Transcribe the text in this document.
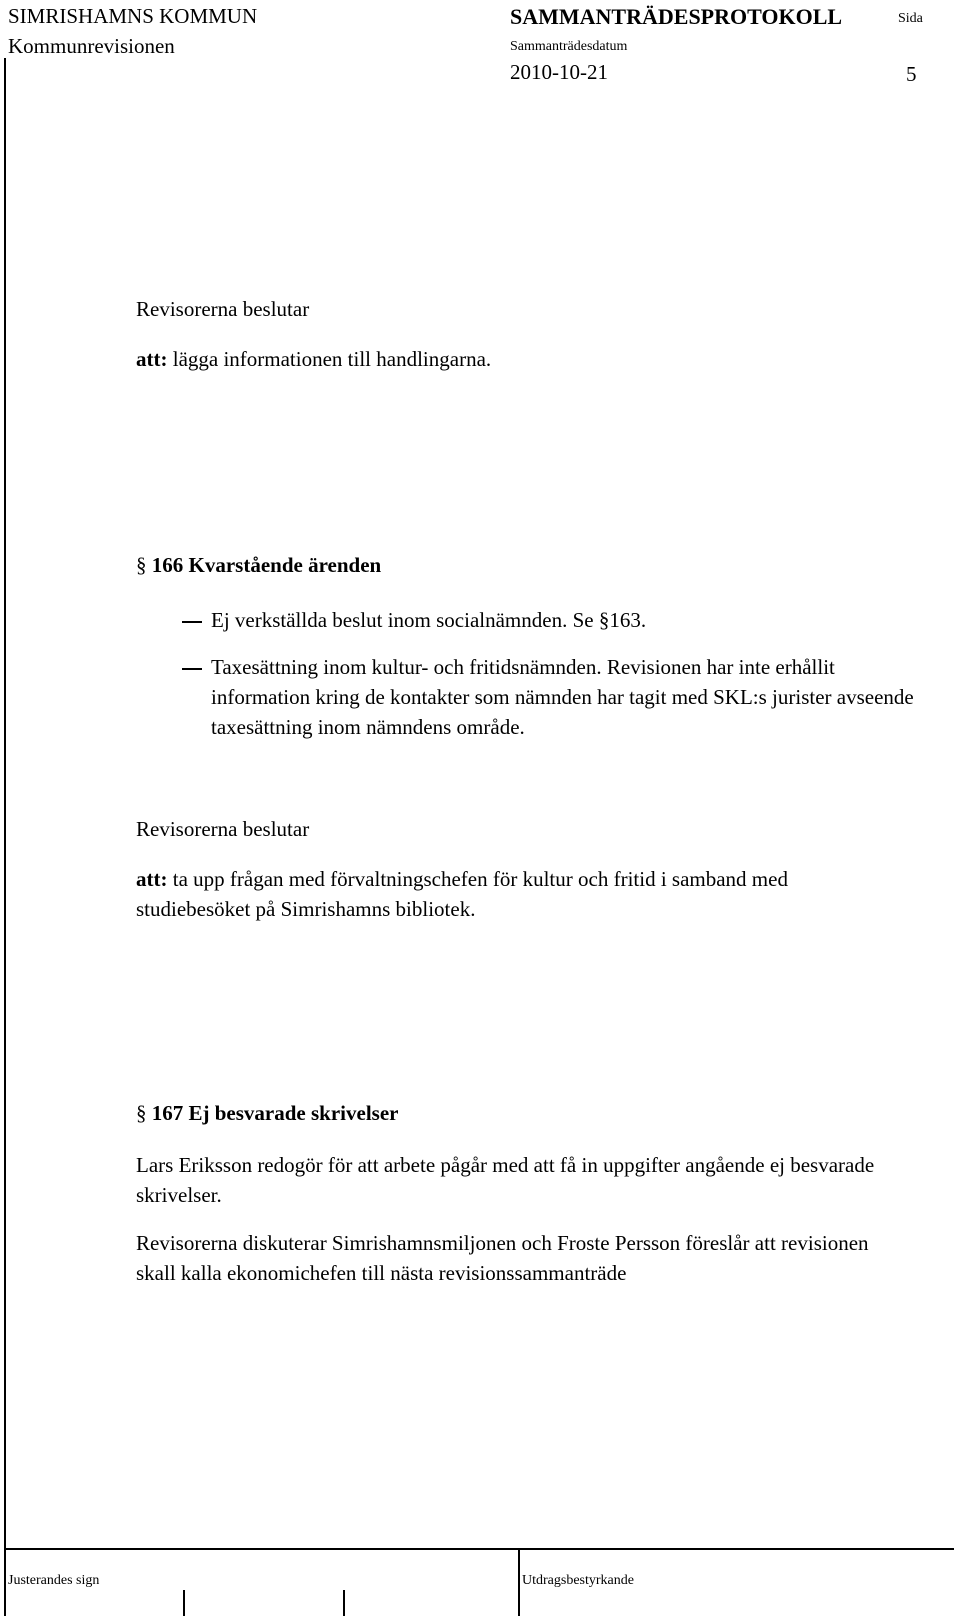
SIMRISHAMNS KOMMUN
Kommunrevisionen
SAMMANTRÄDESPROTOKOLL	Sida
Sammanträdesdatum
2010-10-21	5
Revisorerna beslutar
att: lägga informationen till handlingarna.
§ 166 Kvarstående ärenden
Ej verkställda beslut inom socialnämnden. Se §163.
Taxesättning inom kultur- och fritidsnämnden. Revisionen har inte erhållit information kring de kontakter som nämnden har tagit med SKL:s jurister avseende taxesättning inom nämndens område.
Revisorerna beslutar
att: ta upp frågan med förvaltningschefen för kultur och fritid i samband med studiebesöket på Simrishamns bibliotek.
§ 167 Ej besvarade skrivelser
Lars Eriksson redogör för att arbete pågår med att få in uppgifter angående ej besvarade skrivelser.
Revisorerna diskuterar Simrishamnsmiljonen och Froste Persson föreslår att revisionen skall kalla ekonomichefen till nästa revisionssammanträde
Justerandes sign	Utdragsbestyrkande
